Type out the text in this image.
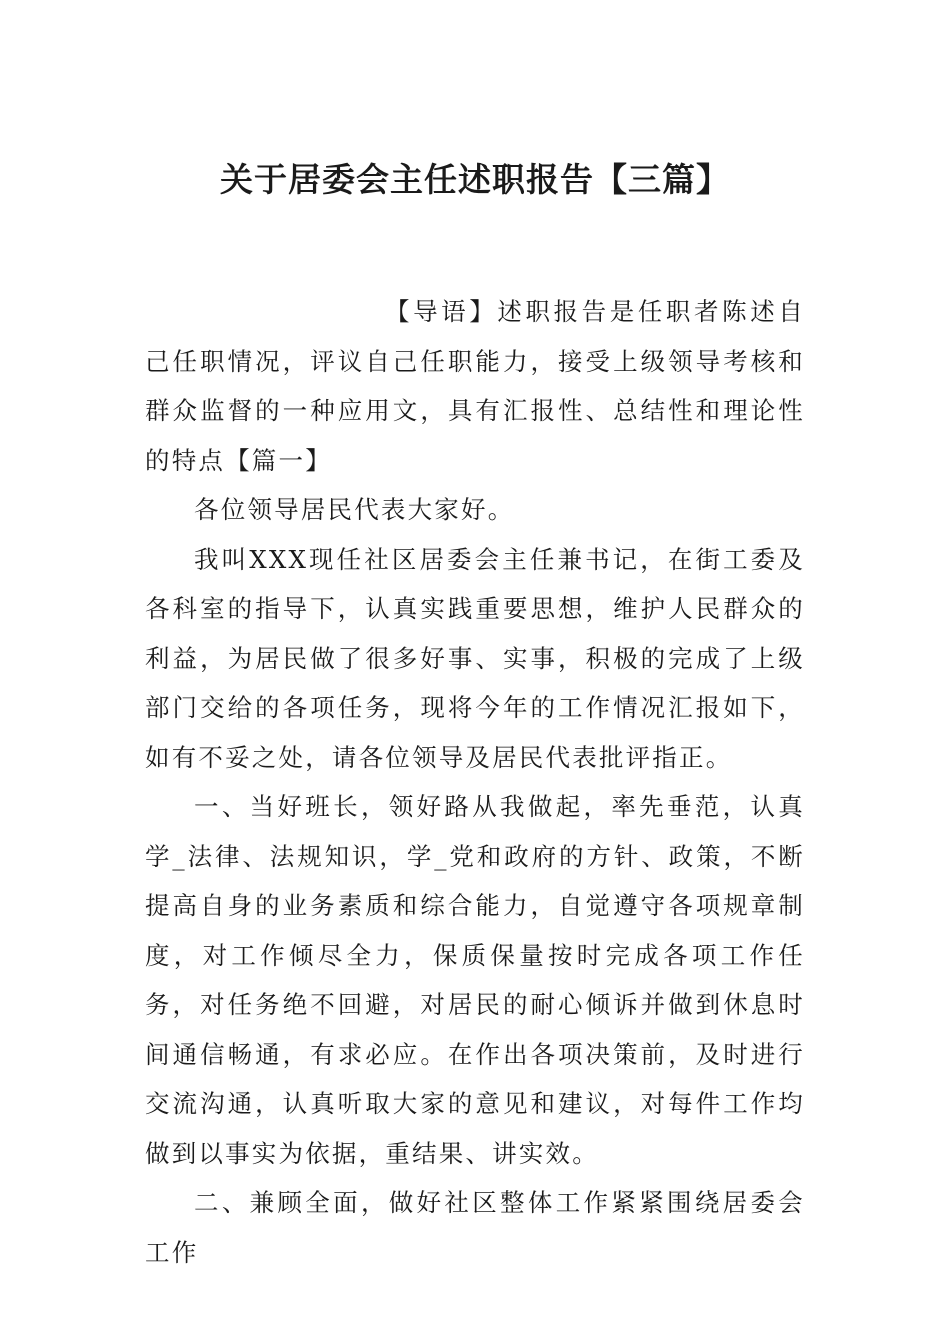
关于居委会主任述职报告【三篇】

【导语】述职报告是任职者陈述自己任职情况，评议自己任职能力，接受上级领导考核和群众监督的一种应用文，具有汇报性、总结性和理论性的特点【篇一】

各位领导居民代表大家好。

我叫XXX现任社区居委会主任兼书记，在街工委及各科室的指导下，认真实践重要思想，维护人民群众的利益，为居民做了很多好事、实事，积极的完成了上级部门交给的各项任务，现将今年的工作情况汇报如下，如有不妥之处，请各位领导及居民代表批评指正。

一、当好班长，领好路从我做起，率先垂范，认真学_法律、法规知识，学_党和政府的方针、政策，不断提高自身的业务素质和综合能力，自觉遵守各项规章制度，对工作倾尽全力，保质保量按时完成各项工作任务，对任务绝不回避，对居民的耐心倾诉并做到休息时间通信畅通，有求必应。在作出各项决策前，及时进行交流沟通，认真听取大家的意见和建议，对每件工作均做到以事实为依据，重结果、讲实效。

二、兼顾全面，做好社区整体工作紧紧围绕居委会工作
